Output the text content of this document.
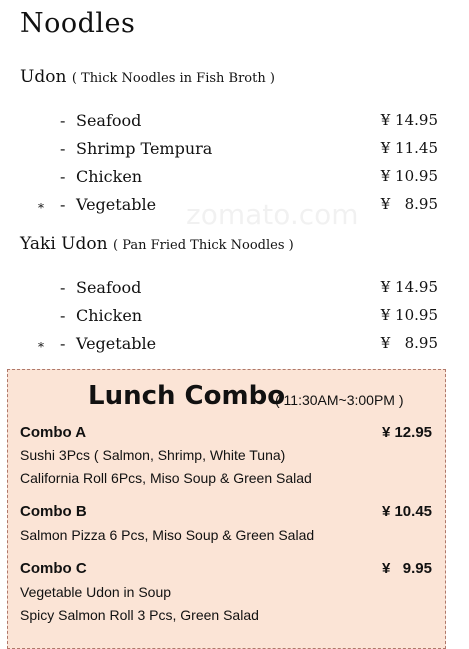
Noodles
Udon ( Thick Noodles in Fish Broth )
- Seafood	¥ 14.95
- Shrimp Tempura	¥ 11.45
- Chicken	¥ 10.95
* - Vegetable	¥   8.95
zomato.com
Yaki Udon ( Pan Fried Thick Noodles )
- Seafood	¥ 14.95
- Chicken	¥ 10.95
* - Vegetable	¥   8.95
Lunch Combo
( 11:30AM~3:00PM )
Combo A	¥ 12.95
Sushi 3Pcs ( Salmon, Shrimp, White Tuna)
California Roll 6Pcs, Miso Soup & Green Salad
Combo B	¥ 10.45
Salmon Pizza 6 Pcs, Miso Soup & Green Salad
Combo C	¥   9.95
Vegetable Udon in Soup
Spicy Salmon Roll 3 Pcs, Green Salad
